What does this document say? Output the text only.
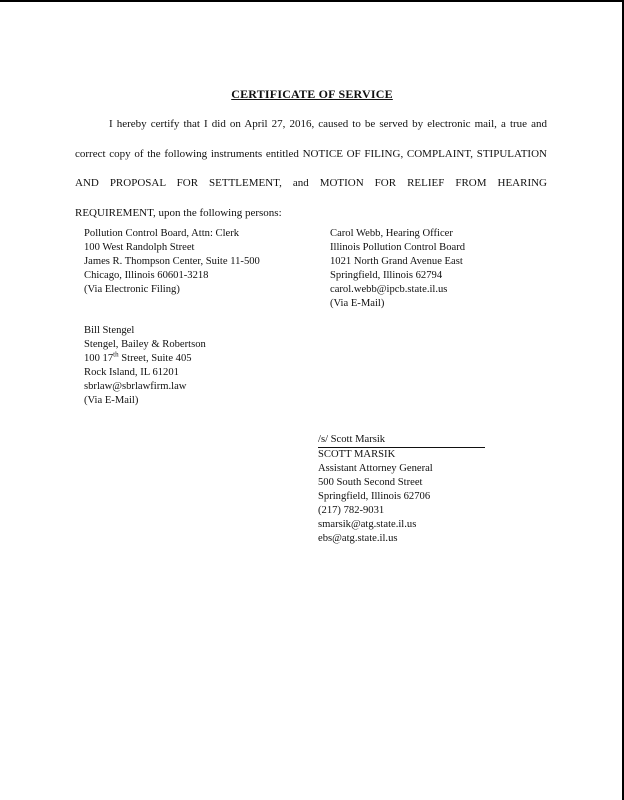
CERTIFICATE OF SERVICE
I hereby certify that I did on April 27, 2016, caused to be served by electronic mail, a true and correct copy of the following instruments entitled NOTICE OF FILING, COMPLAINT, STIPULATION AND PROPOSAL FOR SETTLEMENT, and MOTION FOR RELIEF FROM HEARING REQUIREMENT, upon the following persons:
Pollution Control Board, Attn: Clerk
100 West Randolph Street
James R. Thompson Center, Suite 11-500
Chicago, Illinois 60601-3218
(Via Electronic Filing)
Carol Webb, Hearing Officer
Illinois Pollution Control Board
1021 North Grand Avenue East
Springfield, Illinois 62794
carol.webb@ipcb.state.il.us
(Via E-Mail)
Bill Stengel
Stengel, Bailey & Robertson
100 17th Street, Suite 405
Rock Island, IL 61201
sbrlaw@sbrlawfirm.law
(Via E-Mail)
/s/ Scott Marsik
SCOTT MARSIK
Assistant Attorney General
500 South Second Street
Springfield, Illinois 62706
(217) 782-9031
smarsik@atg.state.il.us
ebs@atg.state.il.us
